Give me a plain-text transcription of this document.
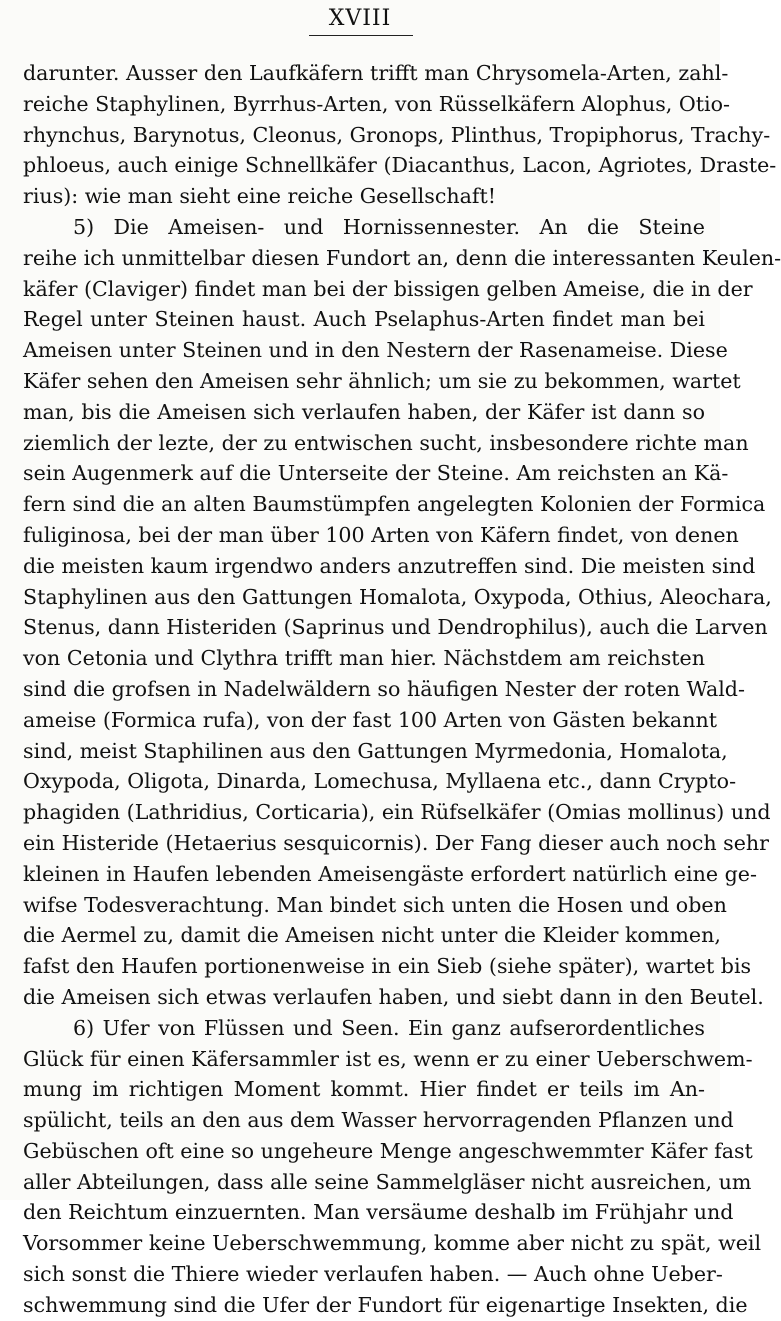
XVIII
darunter. Ausser den Laufkäfern trifft man Chrysomela-Arten, zahl-
reiche Staphylinen, Byrrhus-Arten, von Rüsselkäfern Alophus, Otio-
rhynchus, Barynotus, Cleonus, Gronops, Plinthus, Tropiphorus, Trachy-
phloeus, auch einige Schnellkäfer (Diacanthus, Lacon, Agriotes, Draste-
rius): wie man sieht eine reiche Gesellschaft!
5) Die Ameisen- und Hornissennester. An die Steine
reihe ich unmittelbar diesen Fundort an, denn die interessanten Keulen-
käfer (Claviger) findet man bei der bissigen gelben Ameise, die in der
Regel unter Steinen haust. Auch Pselaphus-Arten findet man bei
Ameisen unter Steinen und in den Nestern der Rasenameise. Diese
Käfer sehen den Ameisen sehr ähnlich; um sie zu bekommen, wartet
man, bis die Ameisen sich verlaufen haben, der Käfer ist dann so
ziemlich der lezte, der zu entwischen sucht, insbesondere richte man
sein Augenmerk auf die Unterseite der Steine. Am reichsten an Kä-
fern sind die an alten Baumstümpfen angelegten Kolonien der Formica
fuliginosa, bei der man über 100 Arten von Käfern findet, von denen
die meisten kaum irgendwo anders anzutreffen sind. Die meisten sind
Staphylinen aus den Gattungen Homalota, Oxypoda, Othius, Aleochara,
Stenus, dann Histeriden (Saprinus und Dendrophilus), auch die Larven
von Cetonia und Clythra trifft man hier. Nächstdem am reichsten
sind die grofsen in Nadelwäldern so häufigen Nester der roten Wald-
ameise (Formica rufa), von der fast 100 Arten von Gästen bekannt
sind, meist Staphilinen aus den Gattungen Myrmedonia, Homalota,
Oxypoda, Oligota, Dinarda, Lomechusa, Myllaena etc., dann Crypto-
phagiden (Lathridius, Corticaria), ein Rüfselkäfer (Omias mollinus) und
ein Histeride (Hetaerius sesquicornis). Der Fang dieser auch noch sehr
kleinen in Haufen lebenden Ameisengäste erfordert natürlich eine ge-
wifse Todesverachtung. Man bindet sich unten die Hosen und oben
die Aermel zu, damit die Ameisen nicht unter die Kleider kommen,
fafst den Haufen portionenweise in ein Sieb (siehe später), wartet bis
die Ameisen sich etwas verlaufen haben, und siebt dann in den Beutel.
6) Ufer von Flüssen und Seen. Ein ganz aufserordentliches
Glück für einen Käfersammler ist es, wenn er zu einer Ueberschwem-
mung im richtigen Moment kommt. Hier findet er teils im An-
spülicht, teils an den aus dem Wasser hervorragenden Pflanzen und
Gebüschen oft eine so ungeheure Menge angeschwemmter Käfer fast
aller Abteilungen, dass alle seine Sammelgläser nicht ausreichen, um
den Reichtum einzuernten. Man versäume deshalb im Frühjahr und
Vorsommer keine Ueberschwemmung, komme aber nicht zu spät, weil
sich sonst die Thiere wieder verlaufen haben. — Auch ohne Ueber-
schwemmung sind die Ufer der Fundort für eigenartige Insekten, die
